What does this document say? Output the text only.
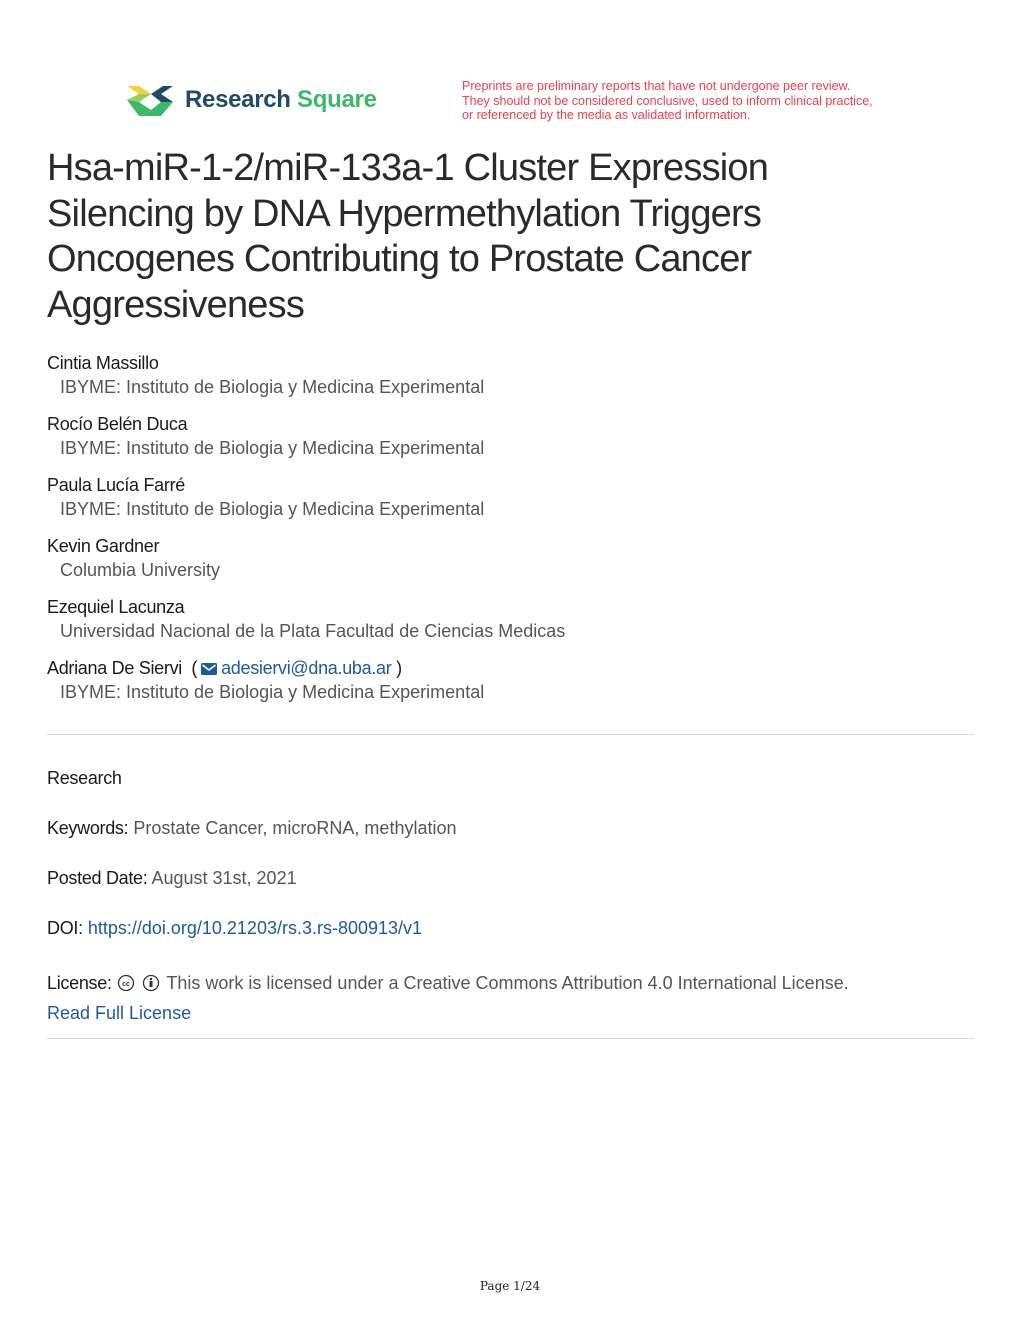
Research Square	Preprints are preliminary reports that have not undergone peer review.
They should not be considered conclusive, used to inform clinical practice,
or referenced by the media as validated information.
Hsa-miR-1-2/miR-133a-1 Cluster Expression
Silencing by DNA Hypermethylation Triggers
Oncogenes Contributing to Prostate Cancer
Aggressiveness
Cintia Massillo
IBYME: Instituto de Biologia y Medicina Experimental
Rocío Belén Duca
IBYME: Instituto de Biologia y Medicina Experimental
Paula Lucía Farré
IBYME: Instituto de Biologia y Medicina Experimental
Kevin Gardner
Columbia University
Ezequiel Lacunza
Universidad Nacional de la Plata Facultad de Ciencias Medicas
Adriana De Siervi  ( adesiervi@dna.uba.ar )
IBYME: Instituto de Biologia y Medicina Experimental
Research
Keywords: Prostate Cancer, microRNA, methylation
Posted Date: August 31st, 2021
DOI: https://doi.org/10.21203/rs.3.rs-800913/v1
License: cc This work is licensed under a Creative Commons Attribution 4.0 International License.
Read Full License
Page 1/24
